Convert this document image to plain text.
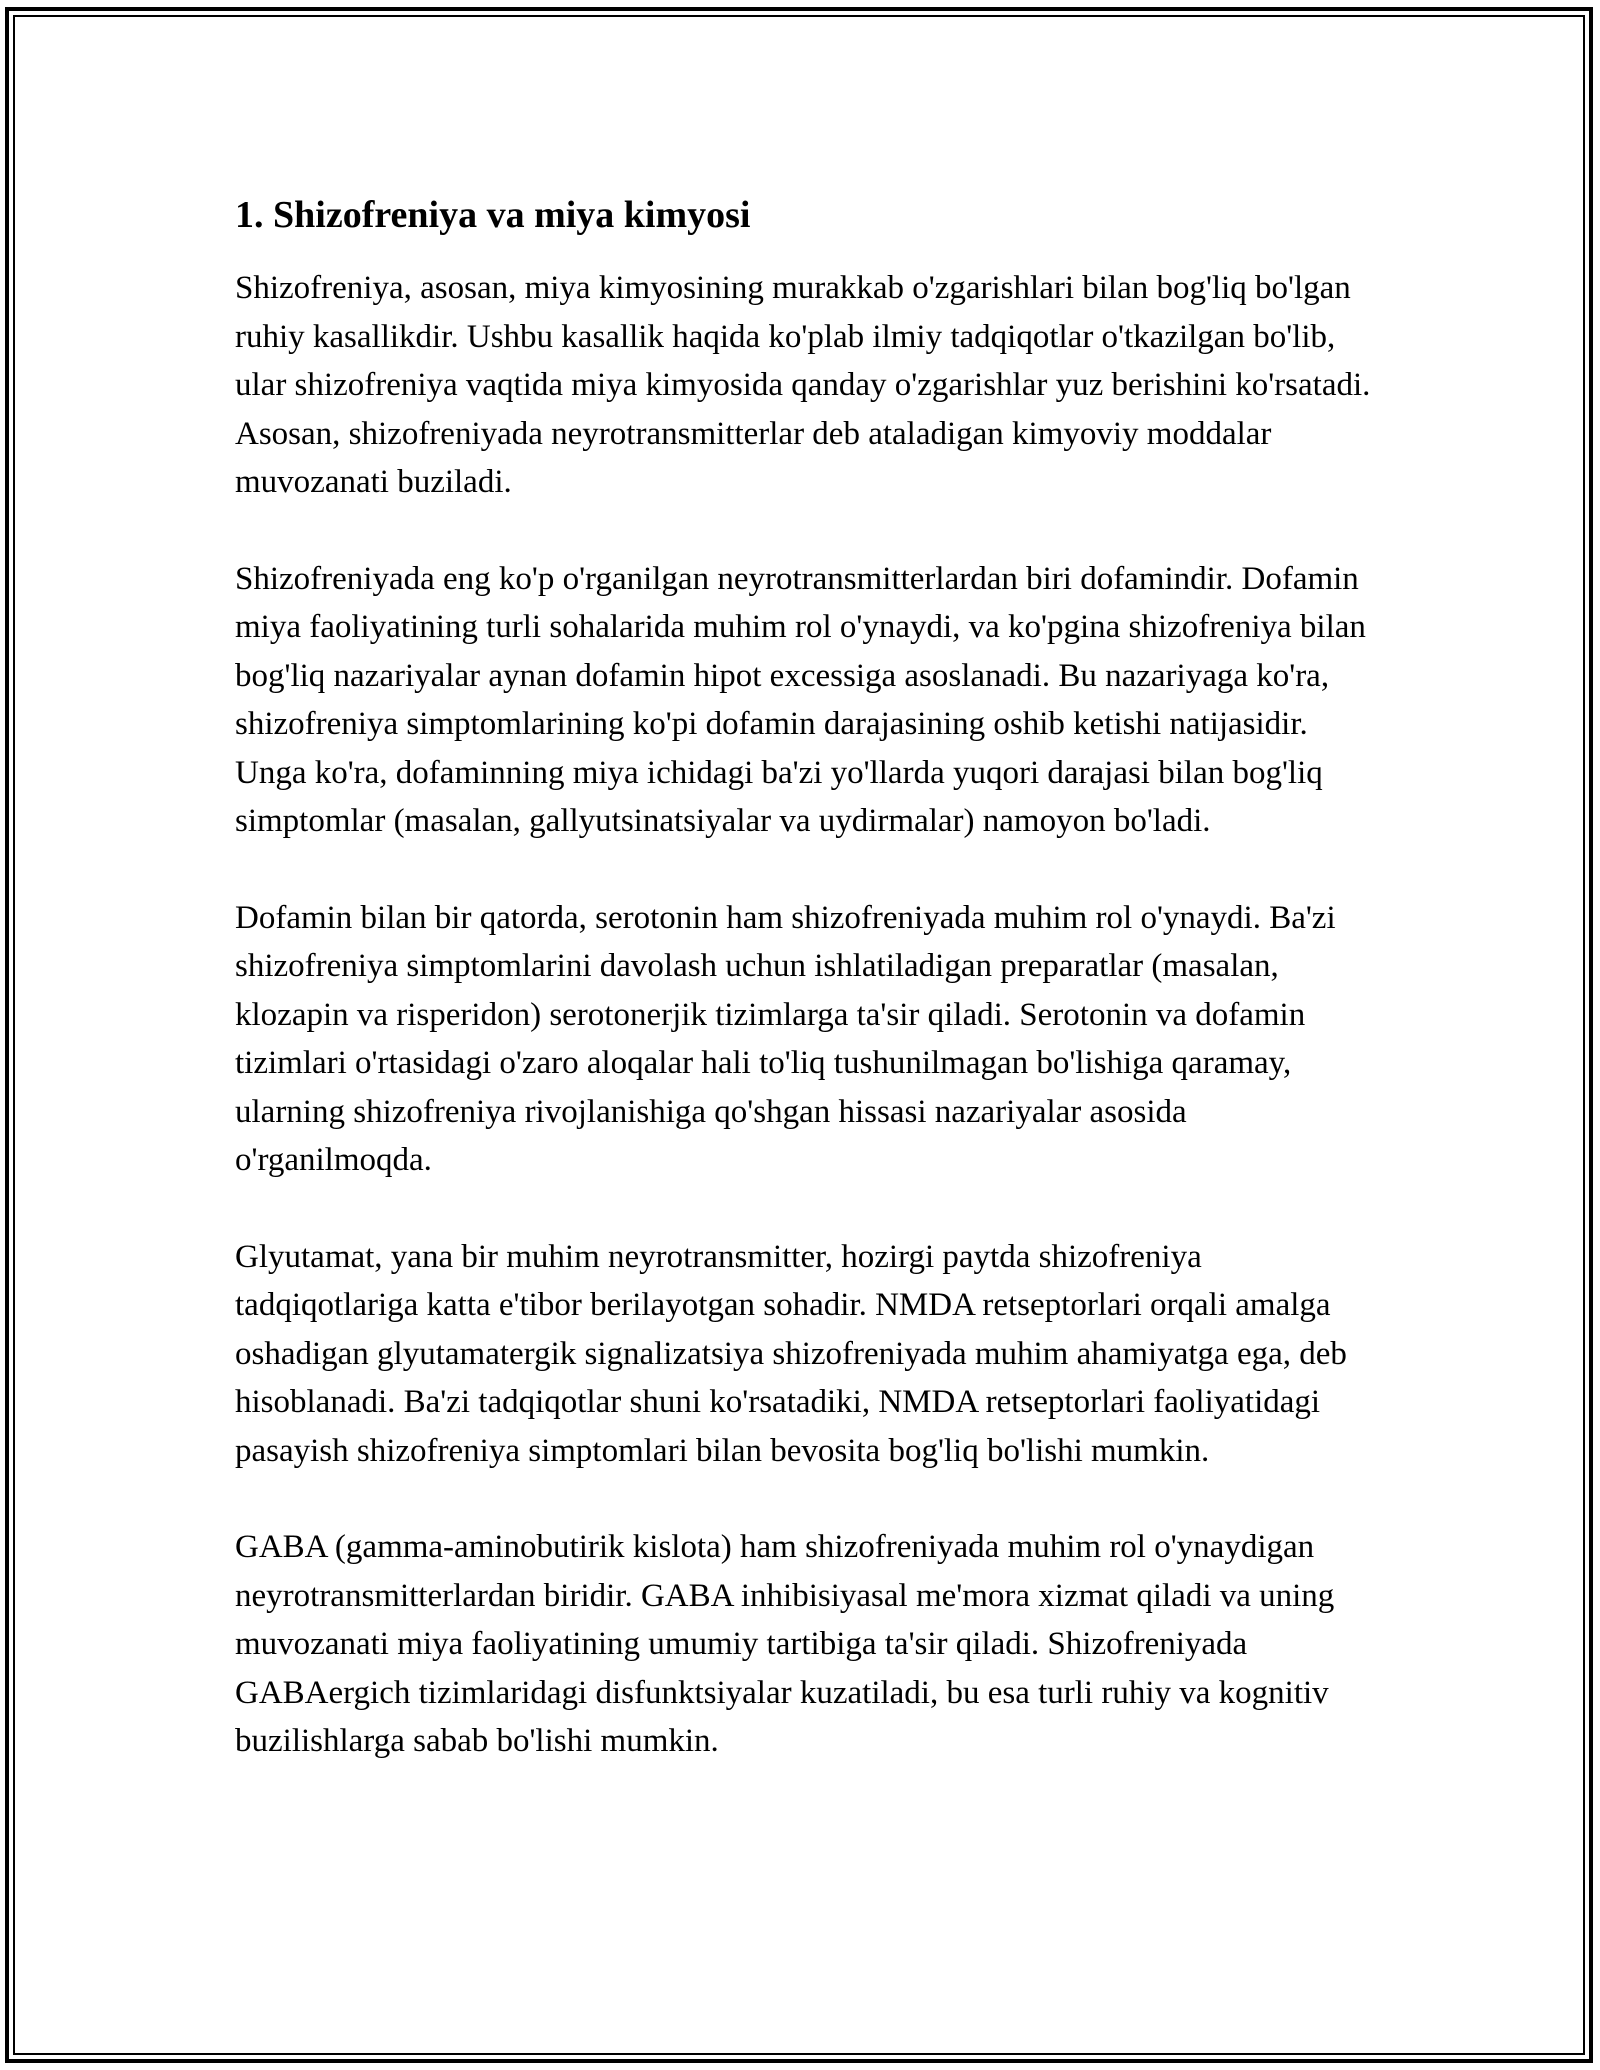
1. Shizofreniya va miya kimyosi

Shizofreniya, asosan, miya kimyosining murakkab o'zgarishlari bilan bog'liq bo'lgan ruhiy kasallikdir. Ushbu kasallik haqida ko'plab ilmiy tadqiqotlar o'tkazilgan bo'lib, ular shizofreniya vaqtida miya kimyosida qanday o'zgarishlar yuz berishini ko'rsatadi. Asosan, shizofreniyada neyrotransmitterlar deb ataladigan kimyoviy moddalar muvozanati buziladi.

Shizofreniyada eng ko'p o'rganilgan neyrotransmitterlardan biri dofamindir. Dofamin miya faoliyatining turli sohalarida muhim rol o'ynaydi, va ko'pgina shizofreniya bilan bog'liq nazariyalar aynan dofamin hipot excessiga asoslanadi. Bu nazariyaga ko'ra, shizofreniya simptomlarining ko'pi dofamin darajasining oshib ketishi natijasidir. Unga ko'ra, dofaminning miya ichidagi ba'zi yo'llarda yuqori darajasi bilan bog'liq simptomlar (masalan, gallyutsinatsiyalar va uydirmalar) namoyon bo'ladi.

Dofamin bilan bir qatorda, serotonin ham shizofreniyada muhim rol o'ynaydi. Ba'zi shizofreniya simptomlarini davolash uchun ishlatiladigan preparatlar (masalan, klozapin va risperidon) serotonerjik tizimlarga ta'sir qiladi. Serotonin va dofamin tizimlari o'rtasidagi o'zaro aloqalar hali to'liq tushunilmagan bo'lishiga qaramay, ularning shizofreniya rivojlanishiga qo'shgan hissasi nazariyalar asosida o'rganilmoqda.

Glyutamat, yana bir muhim neyrotransmitter, hozirgi paytda shizofreniya tadqiqotlariga katta e'tibor berilayotgan sohadir. NMDA retseptorlari orqali amalga oshadigan glyutamatergik signalizatsiya shizofreniyada muhim ahamiyatga ega, deb hisoblanadi. Ba'zi tadqiqotlar shuni ko'rsatadiki, NMDA retseptorlari faoliyatidagi pasayish shizofreniya simptomlari bilan bevosita bog'liq bo'lishi mumkin.

GABA (gamma-aminobutirik kislota) ham shizofreniyada muhim rol o'ynaydigan neyrotransmitterlardan biridir. GABA inhibisiyasal me'mora xizmat qiladi va uning muvozanati miya faoliyatining umumiy tartibiga ta'sir qiladi. Shizofreniyada GABAergich tizimlaridagi disfunktsiyalar kuzatiladi, bu esa turli ruhiy va kognitiv buzilishlarga sabab bo'lishi mumkin.
